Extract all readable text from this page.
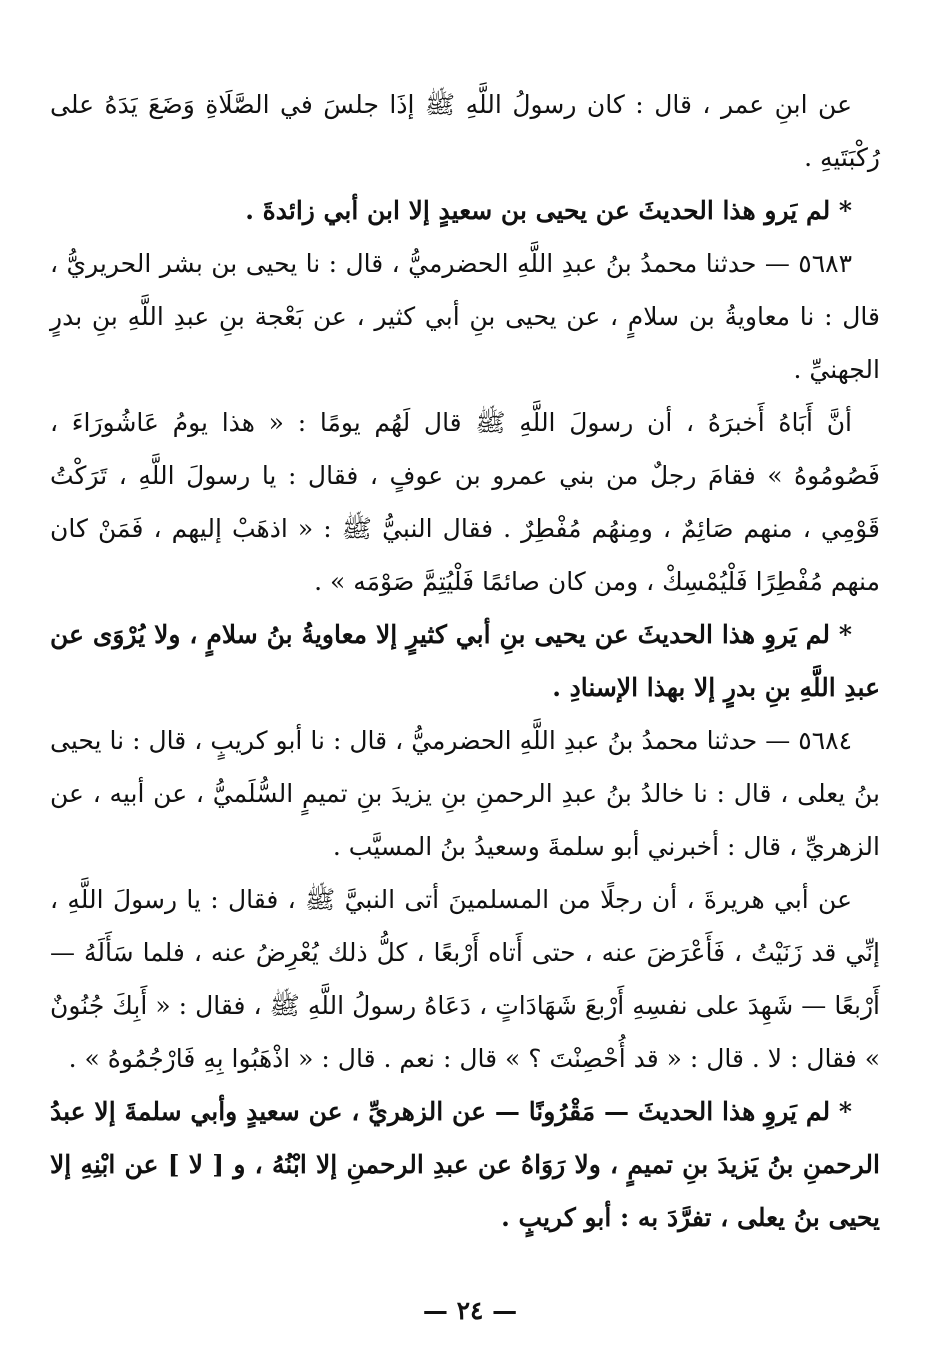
عن ابنِ عمر ، قال : كان رسولُ اللَّهِ ﷺ إذَا جلسَ في الصَّلَاةِ وَضَعَ يَدَهُ على رُكْبَتَيهِ .

* لم يَرو هذا الحديثَ عن يحيى بن سعيدٍ إلا ابن أبي زائدةَ .

٥٦٨٣ — حدثنا محمدُ بنُ عبدِ اللَّهِ الحضرميُّ ، قال : نا يحيى بن بشر الحريريُّ ، قال : نا معاويةُ بن سلامٍ ، عن يحيى بنِ أبي كثير ، عن بَعْجة بنِ عبدِ اللَّهِ بنِ بدرٍ الجهنيِّ .

أنَّ أَبَاهُ أَخبرَهُ ، أن رسولَ اللَّهِ ﷺ قال لَهُم يومًا : « هذا يومُ عَاشُورَاءَ ، فَصُومُوهُ » فقامَ رجلٌ من بني عمرو بن عوفٍ ، فقال : يا رسولَ اللَّهِ ، تَرَكْتُ قَوْمِي ، منهم صَائِمٌ ، ومِنهُم مُفْطِرٌ . فقال النبيُّ ﷺ : « اذهَبْ إليهم ، فَمَنْ كان منهم مُفْطِرًا فَلْيُمْسِكْ ، ومن كان صائمًا فَلْيُتِمَّ صَوْمَه » .

* لم يَروِ هذا الحديثَ عن يحيى بنِ أبي كثيرٍ إلا معاويةُ بنُ سلامٍ ، ولا يُرْوَى عن عبدِ اللَّهِ بنِ بدرٍ إلا بهذا الإسنادِ .

٥٦٨٤ — حدثنا محمدُ بنُ عبدِ اللَّهِ الحضرميُّ ، قال : نا أبو كريبٍ ، قال : نا يحيى بنُ يعلى ، قال : نا خالدُ بنُ عبدِ الرحمنِ بنِ يزيدَ بنِ تميمٍ السُّلَميُّ ، عن أبيه ، عن الزهريِّ ، قال : أخبرني أبو سلمةَ وسعيدُ بنُ المسيَّب .

عن أبي هريرةَ ، أن رجلًا من المسلمينَ أتى النبيَّ ﷺ ، فقال : يا رسولَ اللَّهِ ، إنِّي قد زَنَيْتُ ، فَأَعْرَضَ عنه ، حتى أَتاه أَرْبعًا ، كلُّ ذلك يُعْرِضُ عنه ، فلما سَأَلَهُ — أَرْبعًا — شَهِدَ على نفسِهِ أَرْبعَ شَهَادَاتٍ ، دَعَاهُ رسولُ اللَّهِ ﷺ ، فقال : « أَبِكَ جُنُونٌ » فقال : لا . قال : « قد أُحْصِنْتَ ؟ » قال : نعم . قال : « اذْهَبُوا بِهِ فَارْجُمُوهُ » .

* لم يَروِ هذا الحديثَ — مَقْرُونًا — عن الزهريِّ ، عن سعيدٍ وأبي سلمةَ إلا عبدُ الرحمنِ بنُ يَزيدَ بنِ تميمٍ ، ولا رَوَاهُ عن عبدِ الرحمنِ إلا ابْنُهُ ، و [ لا ] عن ابْنِهِ إلا يحيى بنُ يعلى ، تفرَّدَ به : أبو كريبٍ .

— ٢٤ —
